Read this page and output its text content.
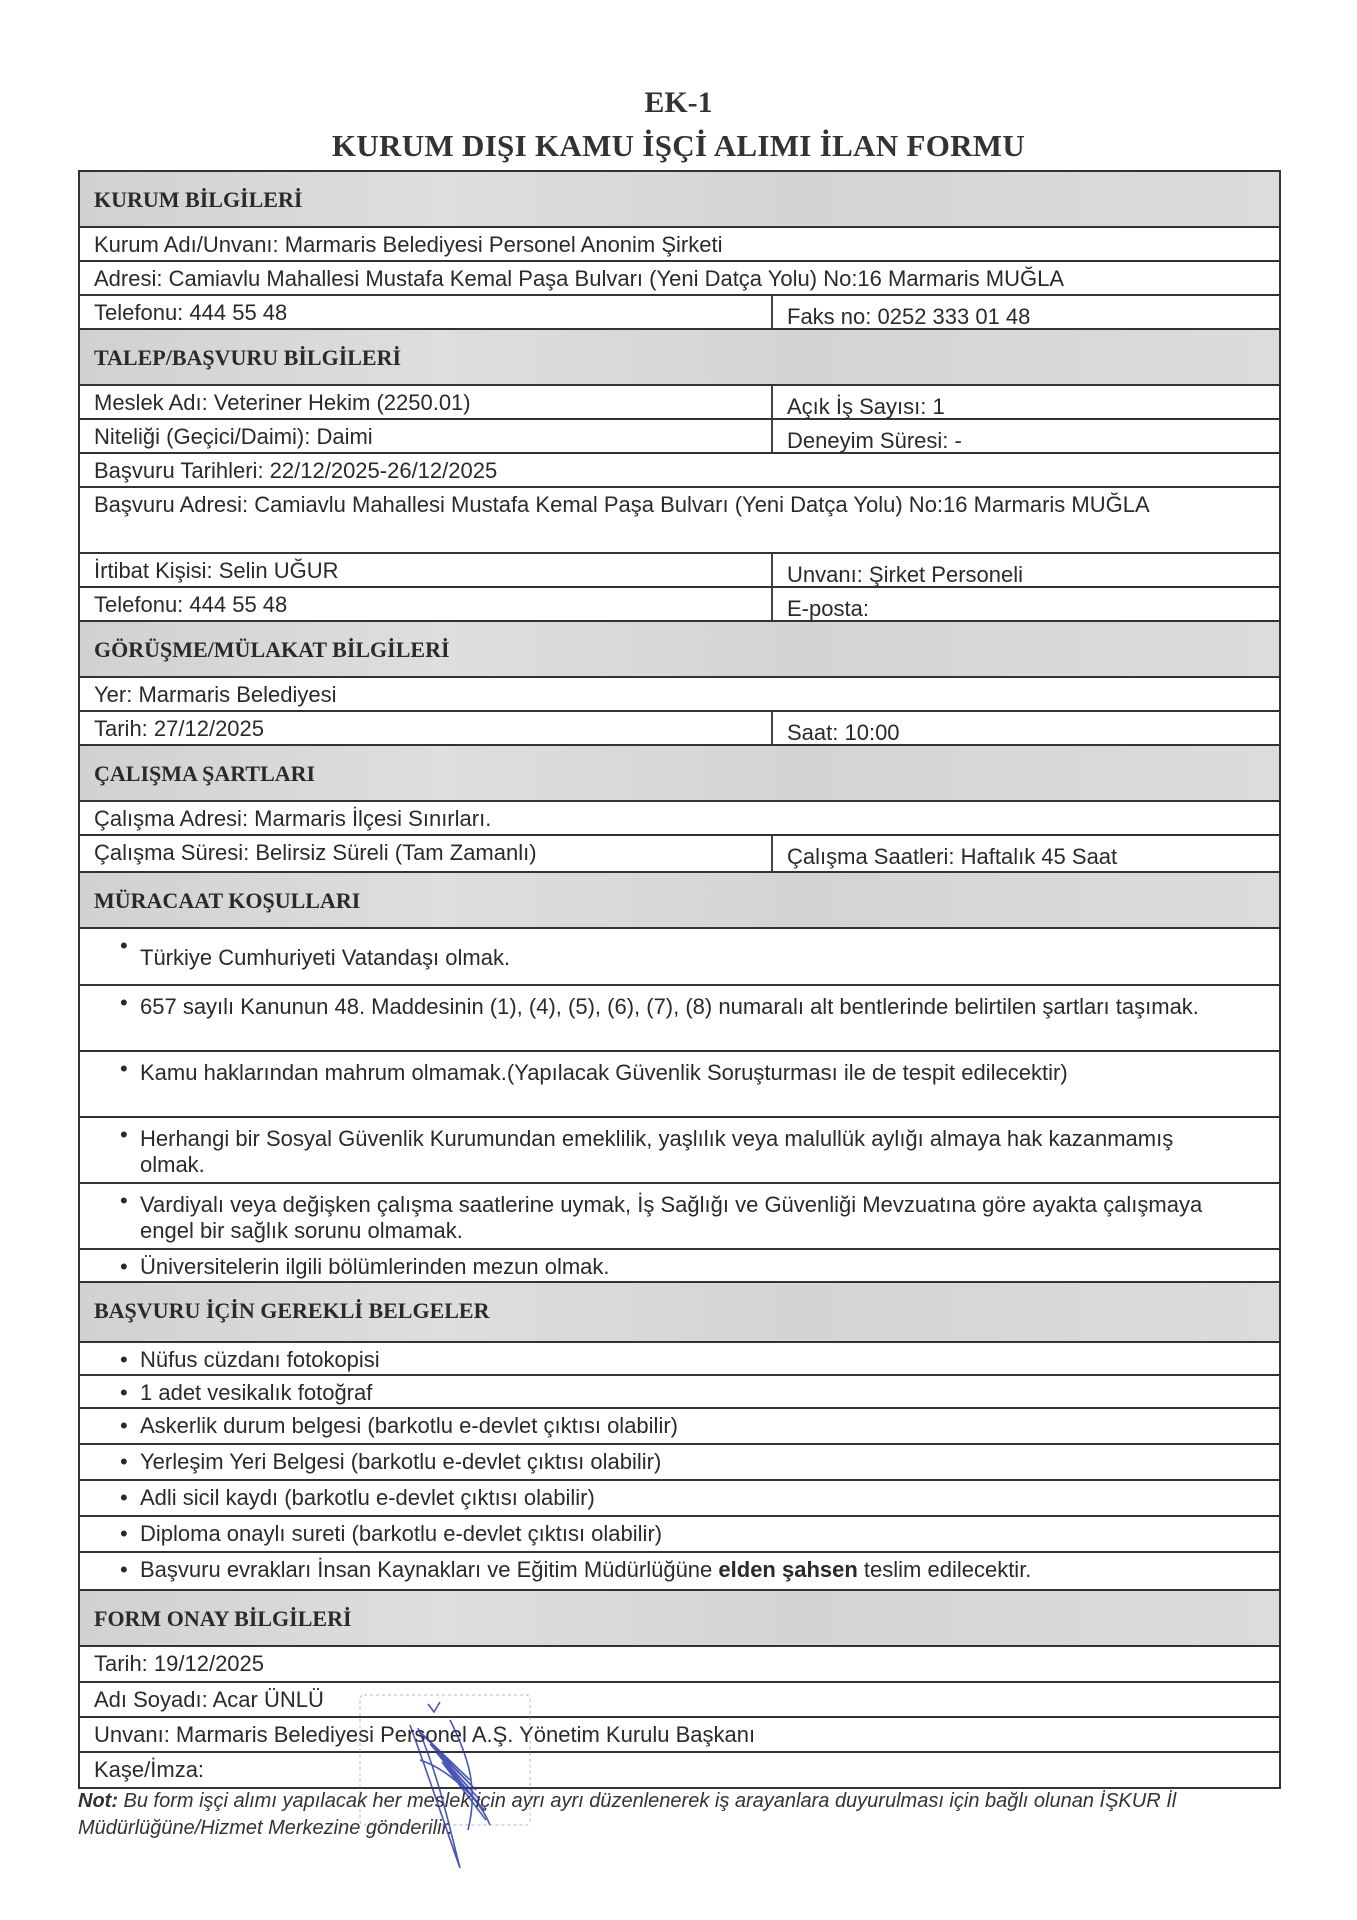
EK-1
KURUM DIŞI KAMU İŞÇİ ALIMI İLAN FORMU
KURUM BİLGİLERİ
Kurum Adı/Unvanı: Marmaris Belediyesi Personel Anonim Şirketi
Adresi: Camiavlu Mahallesi Mustafa Kemal Paşa Bulvarı (Yeni Datça Yolu) No:16 Marmaris MUĞLA
Telefonu: 444 55 48	Faks no: 0252 333 01 48
TALEP/BAŞVURU BİLGİLERİ
Meslek Adı: Veteriner Hekim (2250.01)	Açık İş Sayısı: 1
Niteliği (Geçici/Daimi): Daimi	Deneyim Süresi: -
Başvuru Tarihleri: 22/12/2025-26/12/2025
Başvuru Adresi: Camiavlu Mahallesi Mustafa Kemal Paşa Bulvarı (Yeni Datça Yolu) No:16 Marmaris MUĞLA
İrtibat Kişisi: Selin UĞUR	Unvanı: Şirket Personeli
Telefonu: 444 55 48	E-posta:
GÖRÜŞME/MÜLAKAT BİLGİLERİ
Yer: Marmaris Belediyesi
Tarih: 27/12/2025	Saat: 10:00
ÇALIŞMA ŞARTLARI
Çalışma Adresi: Marmaris İlçesi Sınırları.
Çalışma Süresi: Belirsiz Süreli (Tam Zamanlı)	Çalışma Saatleri: Haftalık 45 Saat
MÜRACAAT KOŞULLARI
• Türkiye Cumhuriyeti Vatandaşı olmak.
• 657 sayılı Kanunun 48. Maddesinin (1), (4), (5), (6), (7), (8) numaralı alt bentlerinde belirtilen şartları taşımak.
• Kamu haklarından mahrum olmamak.(Yapılacak Güvenlik Soruşturması ile de tespit edilecektir)
• Herhangi bir Sosyal Güvenlik Kurumundan emeklilik, yaşlılık veya malullük aylığı almaya hak kazanmamış olmak.
• Vardiyalı veya değişken çalışma saatlerine uymak, İş Sağlığı ve Güvenliği Mevzuatına göre ayakta çalışmaya engel bir sağlık sorunu olmamak.
• Üniversitelerin ilgili bölümlerinden mezun olmak.
BAŞVURU İÇİN GEREKLİ BELGELER
• Nüfus cüzdanı fotokopisi
• 1 adet vesikalık fotoğraf
• Askerlik durum belgesi (barkotlu e-devlet çıktısı olabilir)
• Yerleşim Yeri Belgesi (barkotlu e-devlet çıktısı olabilir)
• Adli sicil kaydı (barkotlu e-devlet çıktısı olabilir)
• Diploma onaylı sureti (barkotlu e-devlet çıktısı olabilir)
• Başvuru evrakları İnsan Kaynakları ve Eğitim Müdürlüğüne elden şahsen teslim edilecektir.
FORM ONAY BİLGİLERİ
Tarih: 19/12/2025
Adı Soyadı: Acar ÜNLÜ
Unvanı: Marmaris Belediyesi Personel A.Ş. Yönetim Kurulu Başkanı
Kaşe/İmza:
Not: Bu form işçi alımı yapılacak her meslek için ayrı ayrı düzenlenerek iş arayanlara duyurulması için bağlı olunan İŞKUR İl Müdürlüğüne/Hizmet Merkezine gönderilir.
